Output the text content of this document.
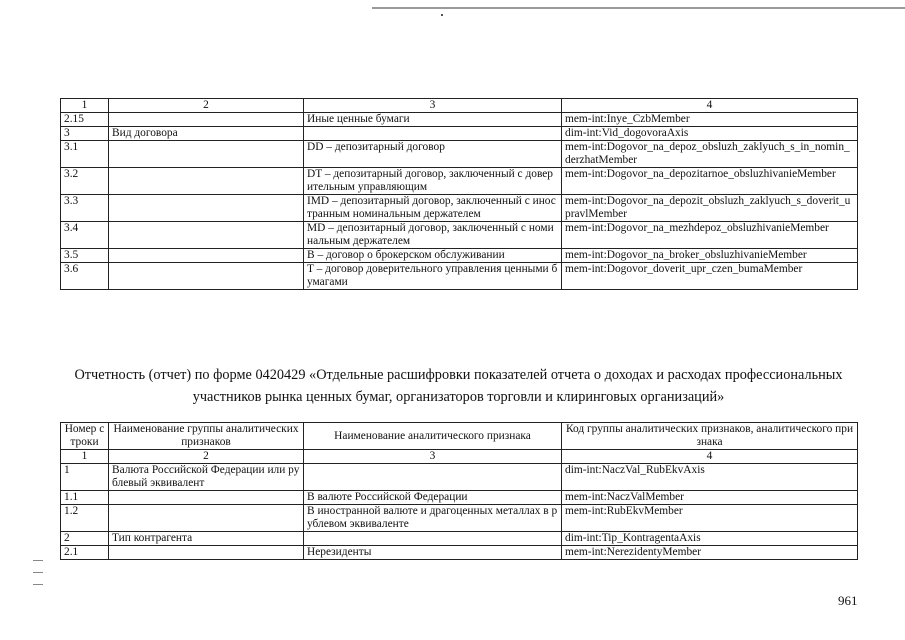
1	2	3	4
2.15		Иные ценные бумаги	mem-int:Inye_CzbMember
3	Вид договора		dim-int:Vid_dogovoraAxis
3.1		DD – депозитарный договор	mem-int:Dogovor_na_depoz_obsluzh_zaklyuch_s_in_nomin_derzhatMember
3.2		DT – депозитарный договор, заключенный с доверительным управляющим	mem-int:Dogovor_na_depozitarnoe_obsluzhivanieMember
3.3		IMD – депозитарный договор, заключенный с иностранным номинальным держателем	mem-int:Dogovor_na_depozit_obsluzh_zaklyuch_s_doverit_upravlMember
3.4		MD – депозитарный договор, заключенный с номинальным держателем	mem-int:Dogovor_na_mezhdepoz_obsluzhivanieMember
3.5		B – договор о брокерском обслуживании	mem-int:Dogovor_na_broker_obsluzhivanieMember
3.6		T – договор доверительного управления ценными бумагами	mem-int:Dogovor_doverit_upr_czen_bumaMember
Отчетность (отчет) по форме 0420429 «Отдельные расшифровки показателей отчета о доходах и расходах профессиональных участников рынка ценных бумаг, организаторов торговли и клиринговых организаций»
Номер строки	Наименование группы аналитических признаков	Наименование аналитического признака	Код группы аналитических признаков, аналитического признака
1	2	3	4
1	Валюта Российской Федерации или рублевый эквивалент		dim-int:NaczVal_RubEkvAxis
1.1		В валюте Российской Федерации	mem-int:NaczValMember
1.2		В иностранной валюте и драгоценных металлах в рублевом эквиваленте	mem-int:RubEkvMember
2	Тип контрагента		dim-int:Tip_KontragentaAxis
2.1		Нерезиденты	mem-int:NerezidentyMember
961
